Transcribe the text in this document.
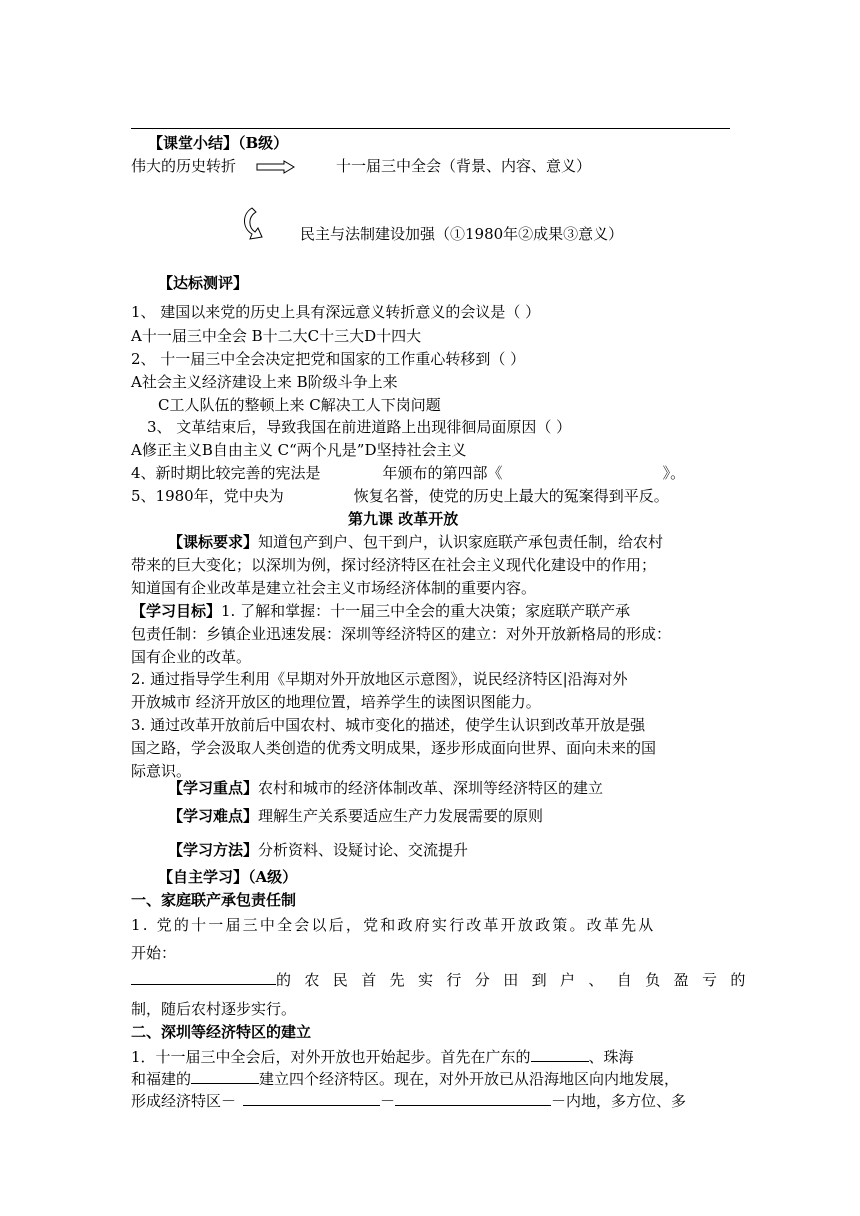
【课堂小结】（B级）
伟大的历史转折	十一届三中全会（背景、内容、意义）
民主与法制建设加强（①1980年②成果③意义）
【达标测评】
1、 建国以来党的历史上具有深远意义转折意义的会议是（ ）
A十一届三中全会 B十二大C十三大D十四大
2、 十一届三中全会决定把党和国家的工作重心转移到（ ）
A社会主义经济建设上来 B阶级斗争上来
C工人队伍的整顿上来 C解决工人下岗问题
3、 文革结束后，导致我国在前进道路上出现徘徊局面原因（ ）
A修正主义B自由主义 C“两个凡是”D坚持社会主义
4、新时期比较完善的宪法是	年颁布的第四部《	》。
5、1980年，党中央为	恢复名誉，使党的历史上最大的冤案得到平反。
第九课 改革开放
【课标要求】知道包产到户、包干到户，认识家庭联产承包责任制，给农村
带来的巨大变化；以深圳为例，探讨经济特区在社会主义现代化建设中的作用；
知道国有企业改革是建立社会主义市场经济体制的重要内容。
【学习目标】1. 了解和掌握：十一届三中全会的重大决策；家庭联产联产承
包责任制：乡镇企业迅速发展：深圳等经济特区的建立：对外开放新格局的形成：
国有企业的改革。
2. 通过指导学生利用《早期对外开放地区示意图》，说民经济特区|沿海对外
开放城市 经济开放区的地理位置，培养学生的读图识图能力。
3. 通过改革开放前后中国农村、城市变化的描述，使学生认识到改革开放是强
国之路，学会汲取人类创造的优秀文明成果，逐步形成面向世界、面向未来的国
际意识。
【学习重点】农村和城市的经济体制改革、深圳等经济特区的建立
【学习难点】理解生产关系要适应生产力发展需要的原则
【学习方法】分析资料、设疑讨论、交流提升
【自主学习】（A级）
一、家庭联产承包责任制
1. 党的十一届三中全会以后，党和政府实行改革开放政策。改革先从
开始：
的农民首先实行分田到户、自负盈亏的
制，随后农村逐步实行。
二、深圳等经济特区的建立
1．十一届三中全会后，对外开放也开始起步。首先在广东的	、珠海
和福建的	建立四个经济特区。现在，对外开放已从沿海地区向内地发展，
形成经济特区－	－	－内地，多方位、多
